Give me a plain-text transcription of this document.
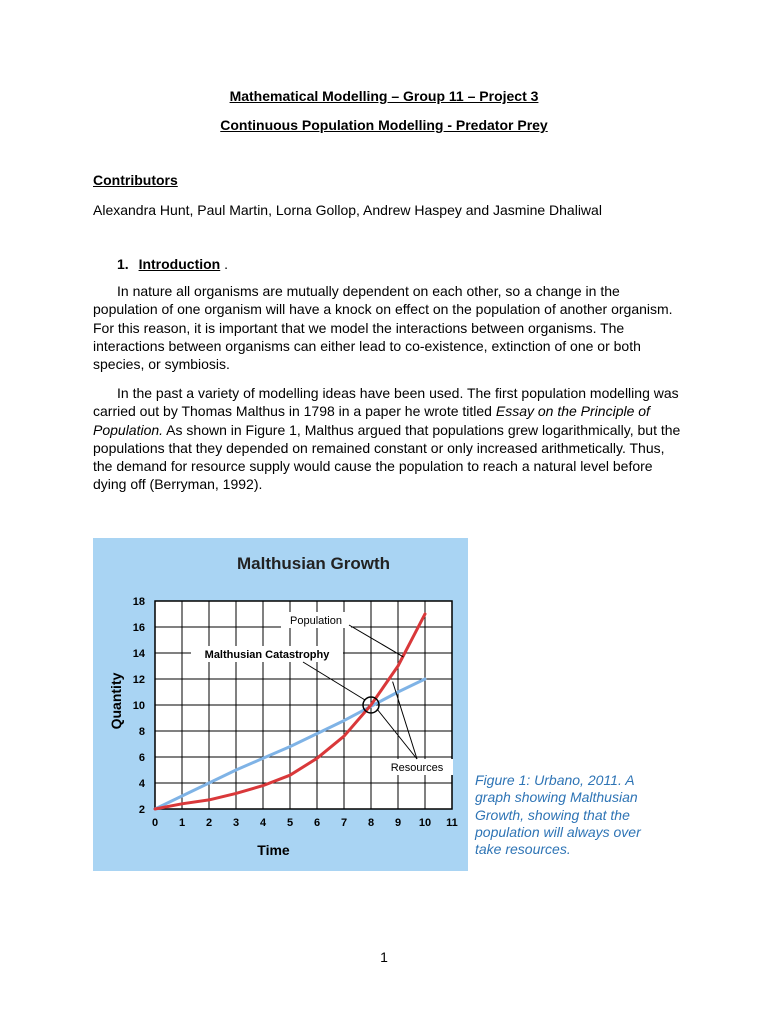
Mathematical Modelling – Group 11 – Project 3
Continuous Population Modelling - Predator Prey
Contributors
Alexandra Hunt, Paul Martin, Lorna Gollop, Andrew Haspey and Jasmine Dhaliwal
1. Introduction .
In nature all organisms are mutually dependent on each other, so a change in the population of one organism will have a knock on effect on the population of another organism. For this reason, it is important that we model the interactions between organisms. The interactions between organisms can either lead to co-existence, extinction of one or both species, or symbiosis.
In the past a variety of modelling ideas have been used. The first population modelling was carried out by Thomas Malthus in 1798 in a paper he wrote titled Essay on the Principle of Population. As shown in Figure 1, Malthus argued that populations grew logarithmically, but the populations that they depended on remained constant or only increased arithmetically. Thus, the demand for resource supply would cause the population to reach a natural level before dying off (Berryman, 1992).
Malthusian Growth
0 1 2 3 4 5 6 7 8 9 10 11
2
4
6
8
10
12
14
16
18
Time
Quantity
Population
Malthusian Catastrophy
Resources
Figure 1: Urbano, 2011. A graph showing Malthusian Growth, showing that the population will always over take resources.
1
